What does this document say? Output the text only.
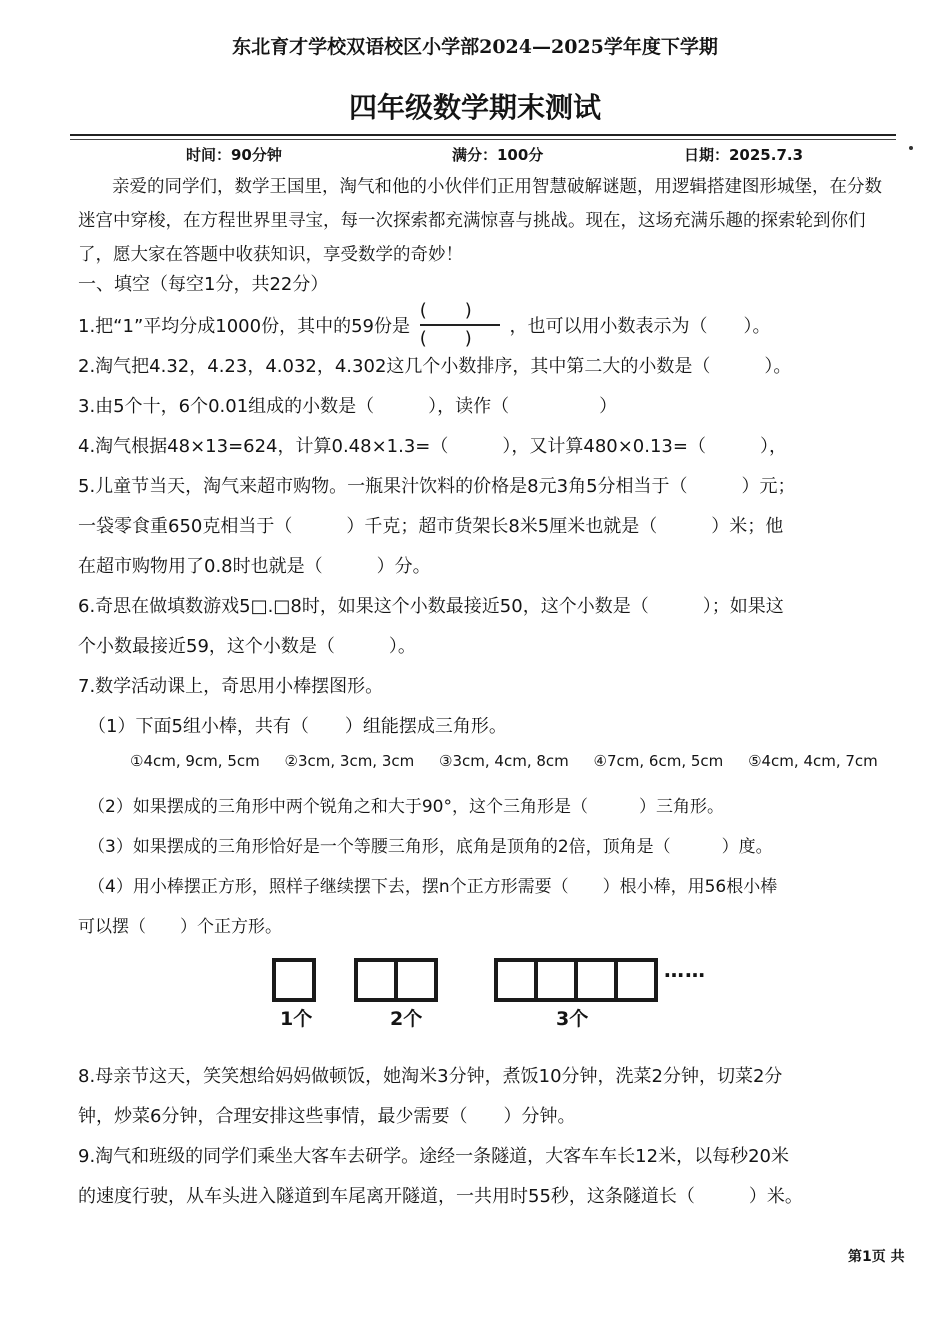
东北育才学校双语校区小学部2024—2025学年度下学期
四年级数学期末测试
时间：90分钟	满分：100分	日期：2025.7.3
亲爱的同学们，数学王国里，淘气和他的小伙伴们正用智慧破解谜题，用逻辑搭建图形城堡，在分数迷宫中穿梭，在方程世界里寻宝，每一次探索都充满惊喜与挑战。现在，这场充满乐趣的探索轮到你们了，愿大家在答题中收获知识，享受数学的奇妙！
一、填空（每空1分，共22分）
1.把“1”平均分成1000份，其中的59份是 $\frac{()}{()}$ ，也可以用小数表示为（　　）。
2.淘气把4.32，4.23，4.032，4.302这几个小数排序，其中第二大的小数是（　　　）。
3.由5个十，6个0.01组成的小数是（　　　），读作（　　　　　）
4.淘气根据48×13=624，计算0.48×1.3=（　　　），又计算480×0.13=（　　　），
5.儿童节当天，淘气来超市购物。一瓶果汁饮料的价格是8元3角5分相当于（　　　）元；
一袋零食重650克相当于（　　　）千克；超市货架长8米5厘米也就是（　　　）米；他
在超市购物用了0.8时也就是（　　　）分。
6.奇思在做填数游戏5□.□8时，如果这个小数最接近50，这个小数是（　　　）；如果这
个小数最接近59，这个小数是（　　　）。
7.数学活动课上，奇思用小棒摆图形。
（1）下面5组小棒，共有（　　）组能摆成三角形。
①4cm, 9cm, 5cm ②3cm, 3cm, 3cm ③3cm, 4cm, 8cm ④7cm, 6cm, 5cm ⑤4cm, 4cm, 7cm
（2）如果摆成的三角形中两个锐角之和大于90°，这个三角形是（　　　）三角形。
（3）如果摆成的三角形恰好是一个等腰三角形，底角是顶角的2倍，顶角是（　　　）度。
（4）用小棒摆正方形，照样子继续摆下去，摆n个正方形需要（　　）根小棒，用56根小棒
可以摆（　　）个正方形。
……
1个	2个	3个
8.母亲节这天，笑笑想给妈妈做顿饭，她淘米3分钟，煮饭10分钟，洗菜2分钟，切菜2分
钟，炒菜6分钟，合理安排这些事情，最少需要（　　）分钟。
9.淘气和班级的同学们乘坐大客车去研学。途经一条隧道，大客车车长12米，以每秒20米
的速度行驶，从车头进入隧道到车尾离开隧道，一共用时55秒，这条隧道长（　　　）米。
第1页 共
